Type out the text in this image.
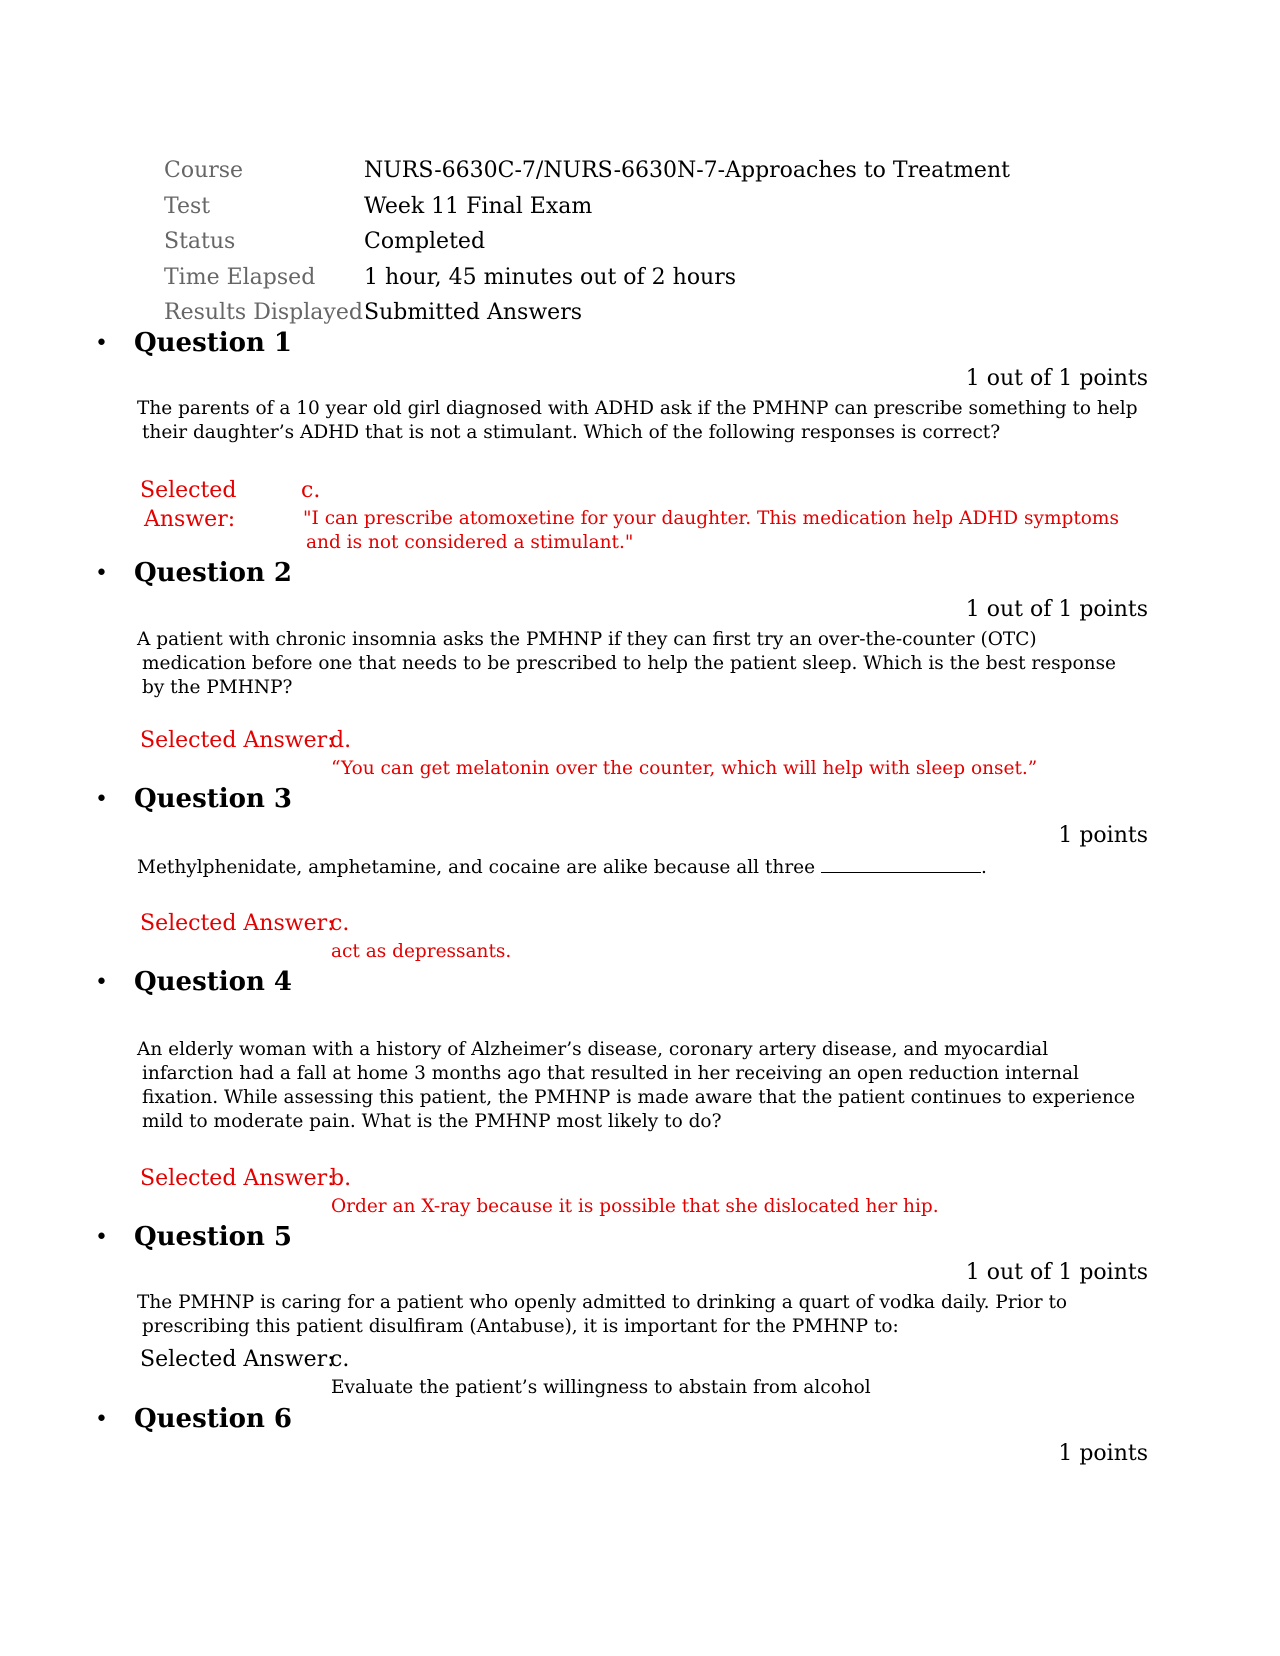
Course	NURS-6630C-7/NURS-6630N-7-Approaches to Treatment
Test	Week 11 Final Exam
Status	Completed
Time Elapsed	1 hour, 45 minutes out of 2 hours
Results Displayed Submitted Answers
•	Question 1
1 out of 1 points
The parents of a 10 year old girl diagnosed with ADHD ask if the PMHNP can prescribe something to help
their daughter’s ADHD that is not a stimulant. Which of the following responses is correct?
Selected
Answer:
c.
"I can prescribe atomoxetine for your daughter. This medication help ADHD symptoms
and is not considered a stimulant."
•	Question 2
1 out of 1 points
A patient with chronic insomnia asks the PMHNP if they can first try an over-the-counter (OTC)
medication before one that needs to be prescribed to help the patient sleep. Which is the best response
by the PMHNP?
Selected Answer:
d.
“You can get melatonin over the counter, which will help with sleep onset.”
•	Question 3
1 points
Methylphenidate, amphetamine, and cocaine are alike because all three	.
Selected Answer:
c.
act as depressants.
•	Question 4
An elderly woman with a history of Alzheimer’s disease, coronary artery disease, and myocardial
infarction had a fall at home 3 months ago that resulted in her receiving an open reduction internal
fixation. While assessing this patient, the PMHNP is made aware that the patient continues to experience
mild to moderate pain. What is the PMHNP most likely to do?
Selected Answer:
b.
Order an X-ray because it is possible that she dislocated her hip.
•	Question 5
1 out of 1 points
The PMHNP is caring for a patient who openly admitted to drinking a quart of vodka daily. Prior to
prescribing this patient disulfiram (Antabuse), it is important for the PMHNP to:
Selected Answer:
c.
Evaluate the patient’s willingness to abstain from alcohol
•	Question 6
1 points
